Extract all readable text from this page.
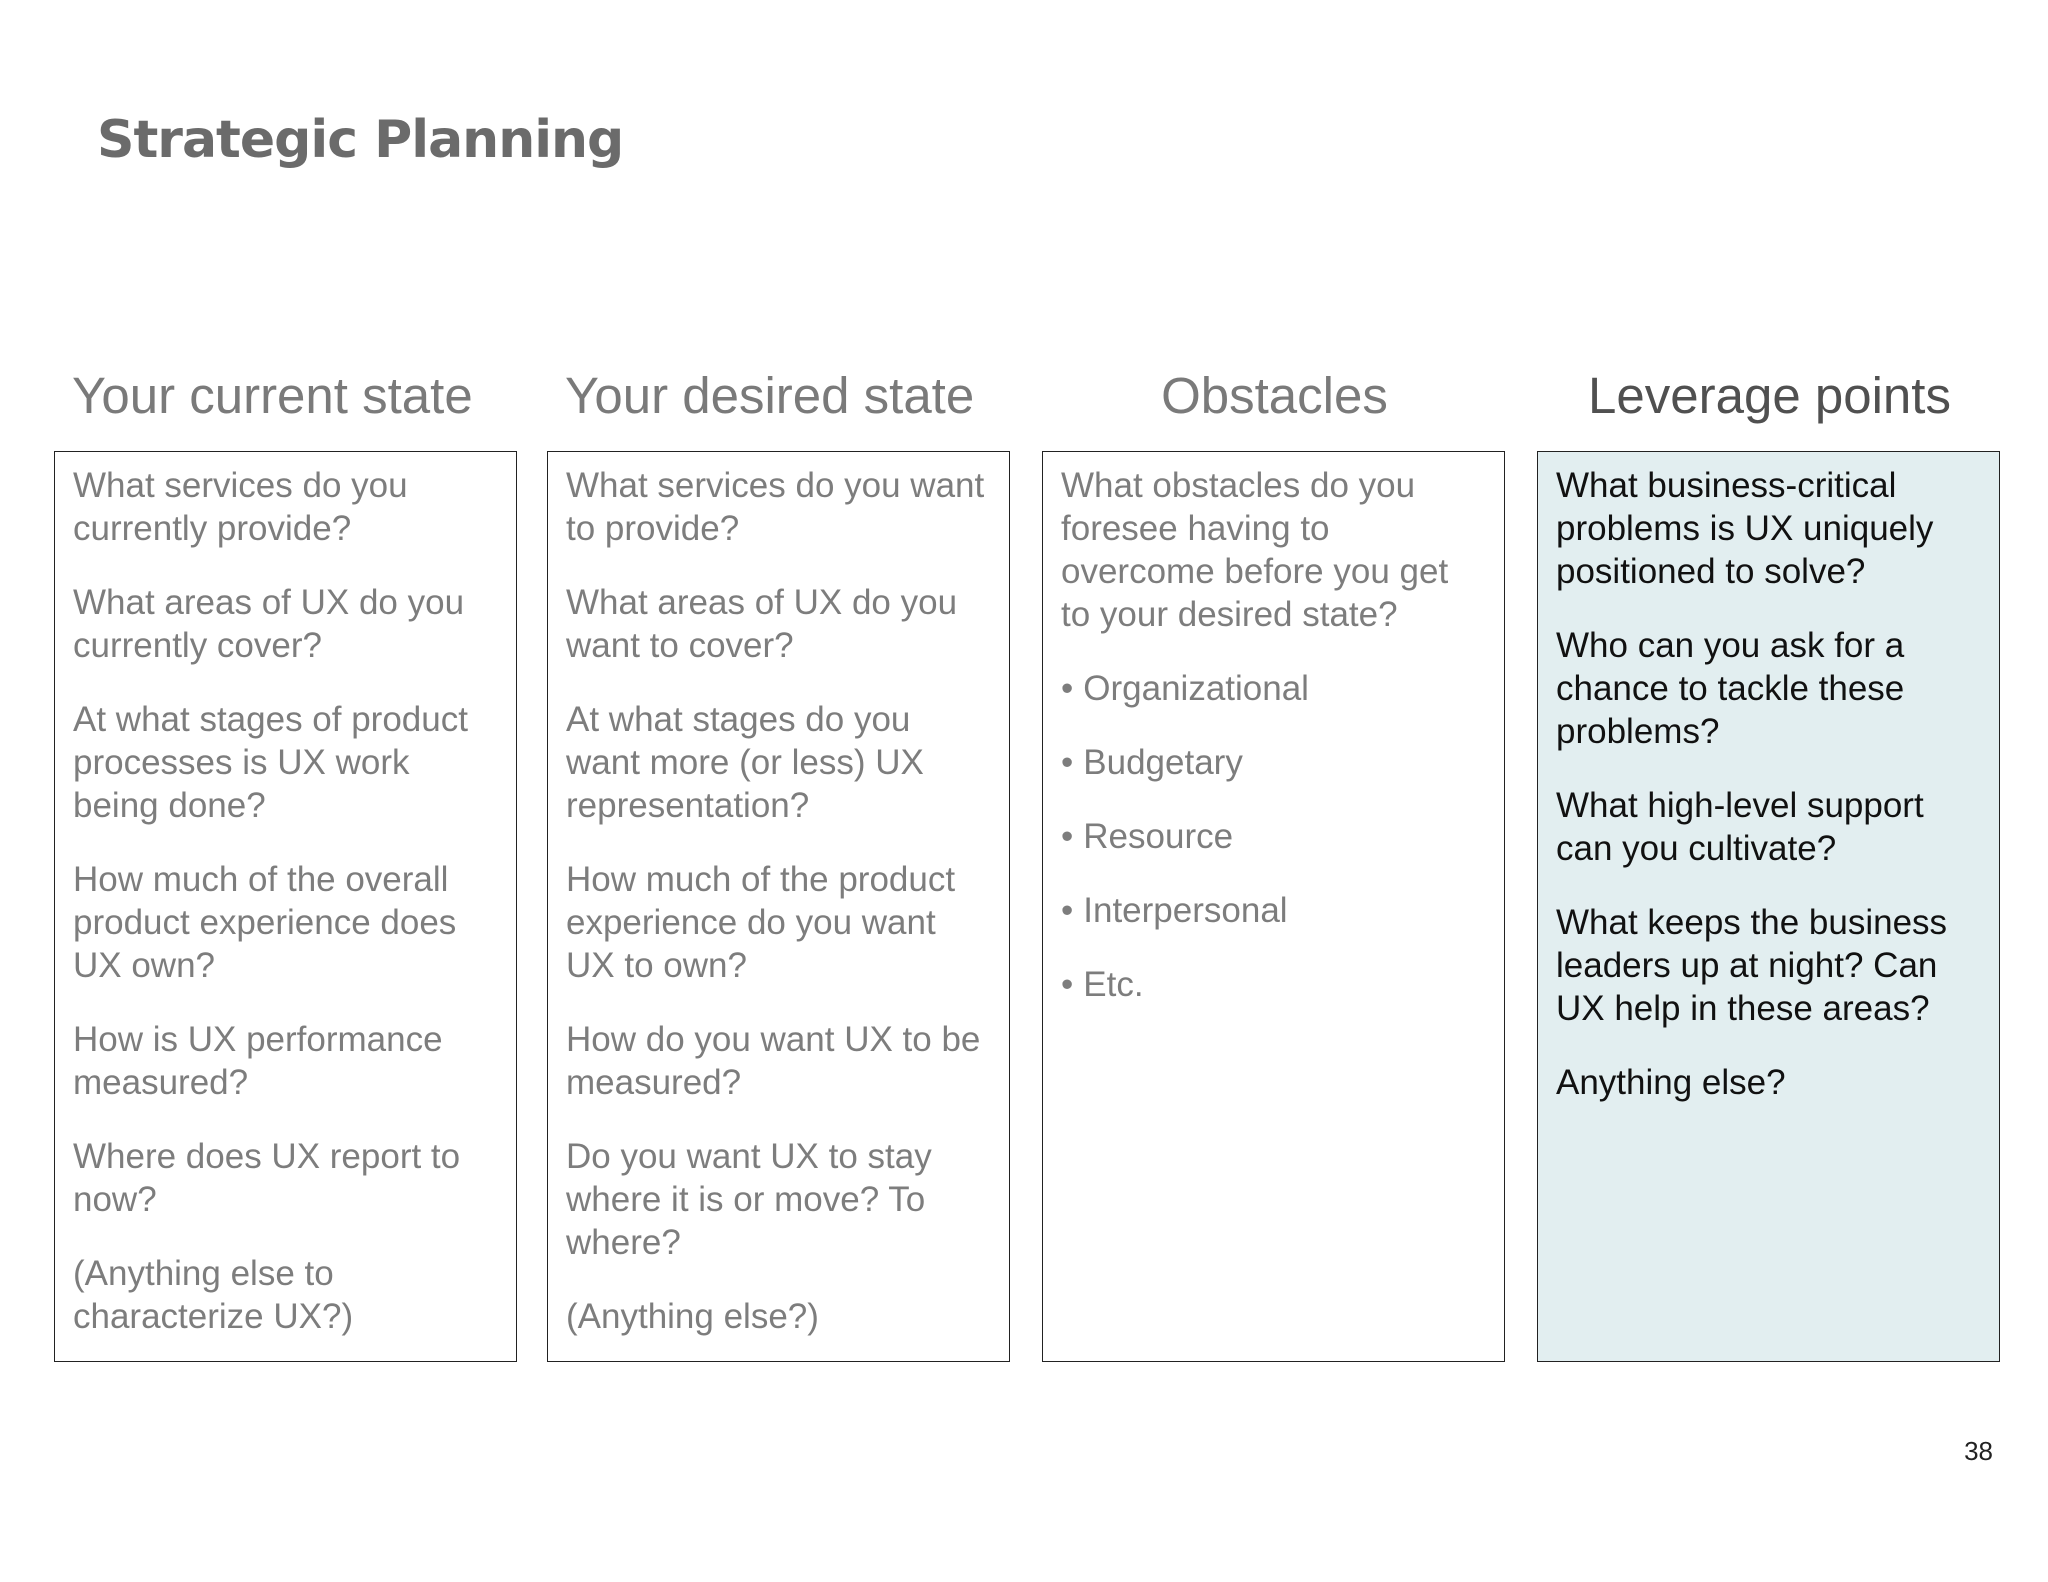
Strategic Planning
Your current state

What services do you currently provide?

What areas of UX do you currently cover?

At what stages of product processes is UX work being done?

How much of the overall product experience does UX own?

How is UX performance measured?

Where does UX report to now?

(Anything else to characterize UX?)

Your desired state

What services do you want to provide?

What areas of UX do you want to cover?

At what stages do you want more (or less) UX representation?

How much of the product experience do you want UX to own?

How do you want UX to be measured?

Do you want UX to stay where it is or move? To where?

(Anything else?)

Obstacles

What obstacles do you foresee having to overcome before you get to your desired state?

• Organizational

• Budgetary

• Resource

• Interpersonal

• Etc.

Leverage points

What business-critical problems is UX uniquely positioned to solve?

Who can you ask for a chance to tackle these problems?

What high-level support can you cultivate?

What keeps the business leaders up at night? Can UX help in these areas?

Anything else?

38
